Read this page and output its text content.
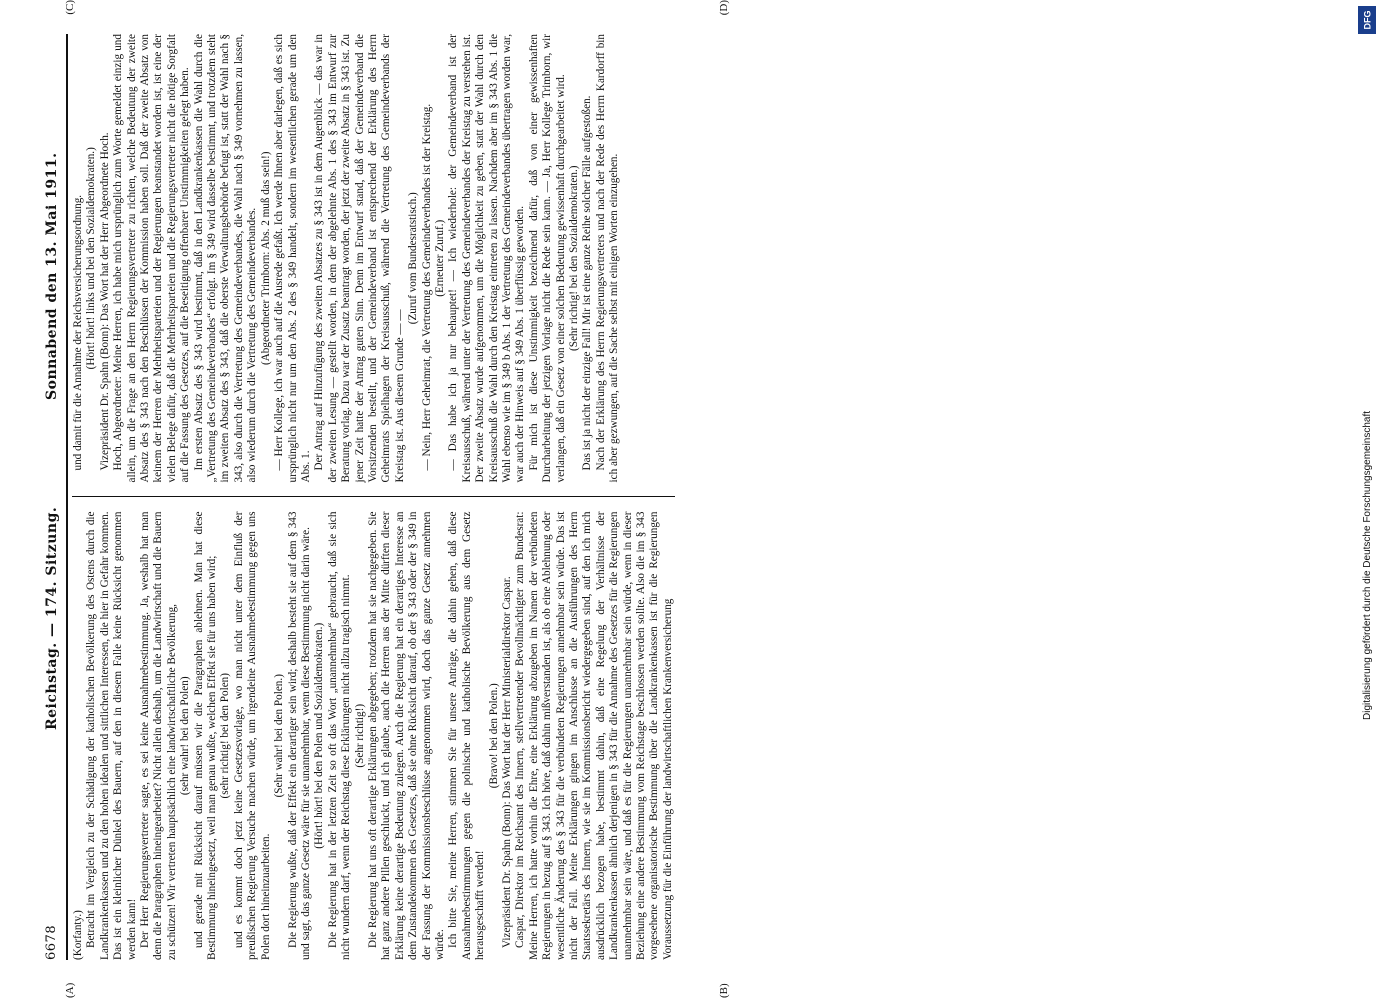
6678
Reichstag. — 174. Sitzung.
Sonnabend den 13. Mai 1911.

(Korfanty.) Betracht im Vergleich zu der Schädigung der katholischen Bevölkerung des Ostens durch die Landkrankenkassen und zu den hohen idealen und sittlichen Interessen, die hier in Gefahr kommen. Das ist ein kleinlicher Dünkel des Bauern, auf den in diesem Falle keine Rücksicht genommen werden kann! Der Herr Regierungsvertreter sagte, es sei keine Ausnahmebestimmung. Ja, weshalb hat man denn die Paragraphen hineingearbeitet? Nicht allein deshalb, um die Landwirtschaft und die Bauern zu schützen! Wir vertreten hauptsächlich eine landwirtschaftliche Bevölkerung, (sehr wahr! bei den Polen) und gerade mit Rücksicht darauf müssen wir die Paragraphen ablehnen. Man hat diese Bestimmung hineingesetzt, weil man genau wußte, welchen Effekt sie für uns haben wird; (sehr richtig! bei den Polen) und es kommt doch jetzt keine Gesetzesvorlage, wo man nicht unter dem Einfluß der preußischen Regierung Versuche machen würde, um irgendeine Ausnahmebestimmung gegen uns Polen dort hineinzuarbeiten.

(Sehr wahr! bei den Polen.) Die Regierung wußte, daß der Effekt ein derartiger sein wird; deshalb besteht sie auf dem § 343 und sagt, das ganze Gesetz wäre für sie unannehmbar, wenn diese Bestimmung nicht darin wäre. (Hört! hört! bei den Polen und Sozialdemokraten.) Die Regierung hat in der letzten Zeit so oft das Wort „unannehmbar“ gebraucht, daß sie sich nicht wundern darf, wenn der Reichstag diese Erklärungen nicht allzu tragisch nimmt. (Sehr richtig!) Die Regierung hat uns oft derartige Erklärungen abgegeben; trotzdem hat sie nachgegeben. Sie hat ganz andere Pillen geschluckt, und ich glaube, auch die Herren aus der Mitte dürften dieser Erklärung keine derartige Bedeutung zulegen. Auch die Regierung hat ein derartiges Interesse an dem Zustandekommen des Gesetzes, daß sie ohne Rücksicht darauf, ob der § 343 oder der § 349 in der Fassung der Kommissionsbeschlüsse angenommen wird, doch das ganze Gesetz annehmen würde. Ich bitte Sie, meine Herren, stimmen Sie für unsere Anträge, die dahin gehen, daß diese Ausnahmebestimmungen gegen die polnische und katholische Bevölkerung aus dem Gesetz herausgeschafft werden!

(Bravo! bei den Polen.) Vizepräsident Dr. Spahn (Bonn): Das Wort hat der Herr Ministerialdirektor Caspar. Caspar, Direktor im Reichsamt des Innern, stellvertretender Bevollmächtigter zum Bundesrat: Meine Herren, ich hatte vorhin die Ehre, eine Erklärung abzugeben im Namen der verbündeten Regierungen in bezug auf § 343. Ich höre, daß dahin mißverstanden ist, als ob eine Ablehnung oder wesentliche Änderung des § 343 für die verbündeten Regierungen annehmbar sein würde. Das ist nicht der Fall. Meine Erklärungen gingen im Anschlusse an die Ausführungen des Herrn Staatssekretärs des Innern, wie sie im Kommissionsbericht wiedergegeben sind, auf den ich mich ausdrücklich bezogen habe, bestimmt dahin, daß eine Regelung der Verhältnisse der Landkrankenkassen ähnlich derjenigen in § 343 für die Annahme des Gesetzes für die Regierungen unannehmbar sein wäre, und daß es für die Regierungen unannehmbar sein würde, wenn in dieser Beziehung eine andere Bestimmung vom Reichstage beschlossen werden sollte. Also die im § 343 vorgesehene organisatorische Bestimmung über die Landkrankenkassen ist für die Regierungen Voraussetzung für die Einführung der landwirtschaftlichen Krankenversicherung

und damit für die Annahme der Reichsversicherungsordnung. (Hört! hört! links und bei den Sozialdemokraten.) Vizepräsident Dr. Spahn (Bonn): Das Wort hat der Herr Abgeordnete Hoch. Hoch, Abgeordneter: Meine Herren, ich habe mich ursprünglich zum Worte gemeldet einzig und allein, um die Frage an den Herrn Regierungsvertreter zu richten, welche Bedeutung der zweite Absatz des § 343 nach den Beschlüssen der Kommission haben soll. Daß der zweite Absatz von keinem der Herren der Mehrheitsparteien und der Regierungen beanstandet worden ist, ist eine der vielen Belege dafür, daß die Mehrheitsparteien und die Regierungsvertreter nicht die nötige Sorgfalt auf die Fassung des Gesetzes, auf die Beseitigung offenbarer Unstimmigkeiten gelegt haben. Im ersten Absatz des § 343 wird bestimmt, daß in den Landkrankenkassen die Wahl durch die „Vertretung des Gemeindeverbandes“ erfolgt. Im § 349 wird dasselbe bestimmt, und trotzdem steht im zweiten Absatz des § 343, daß die oberste Verwaltungsbehörde befugt ist, statt der Wahl nach § 343, also durch die Vertretung des Gemeindeverbandes, die Wahl nach § 349 vornehmen zu lassen, also wiederum durch die Vertretung des Gemeindeverbandes. (Abgeordneter Trimborn: Abs. 2 muß das sein!) — Herr Kollege, ich war auch auf die Ausrede gefaßt. Ich werde Ihnen aber darlegen, daß es sich ursprünglich nicht nur um den Abs. 2 des § 349 handelt, sondern im wesentlichen gerade um den Abs. 1. Der Antrag auf Hinzufügung des zweiten Absatzes zu § 343 ist in dem Augenblick — das war in der zweiten Lesung — gestellt worden, in dem der abgelehnte Abs. 1 des § 343 im Entwurf zur Beratung vorlag. Dazu war der Zusatz beantragt worden, der jetzt der zweite Absatz in § 343 ist. Zu jener Zeit hatte der Antrag guten Sinn. Denn im Entwurf stand, daß der Gemeindeverband die Vorsitzenden bestellt, und der Gemeindeverband ist entsprechend der Erklärung des Herrn Geheimrats Spielhagen der Kreisausschuß, während die Vertretung des Gemeindeverbands der Kreistag ist. Aus diesem Grunde — —

(Zuruf vom Bundesratstisch.) — Nein, Herr Geheimrat, die Vertretung des Gemeindeverbandes ist der Kreistag. (Erneuter Zuruf.) — Das habe ich ja nur behauptet! — Ich wiederhole: der Gemeindeverband ist der Kreisausschuß, während unter der Vertretung des Gemeindeverbandes der Kreistag zu verstehen ist. Der zweite Absatz wurde aufgenommen, um die Möglichkeit zu geben, statt der Wahl durch den Kreisausschuß die Wahl durch den Kreistag eintreten zu lassen. Nachdem aber im § 343 Abs. 1 die Wahl ebenso wie im § 349 b Abs. 1 der Vertretung des Gemeindeverbandes übertragen worden war, war auch der Hinweis auf § 349 Abs. 1 überflüssig geworden. Für mich ist diese Unstimmigkeit bezeichnend dafür, daß von einer gewissenhaften Durcharbeitung der jetzigen Vorlage nicht die Rede sein kann. — Ja, Herr Kollege Trimborn, wir verlangen, daß ein Gesetz von einer solchen Bedeutung gewissenhaft durchgearbeitet wird. (Sehr richtig! bei den Sozialdemokraten.) Das ist ja nicht der einzige Fall! Mir ist eine ganze Reihe solcher Fälle aufgestoßen. Nach der Erklärung des Herrn Regierungsvertreters und nach der Rede des Herrn Kardorff bin ich aber gezwungen, auf die Sache selbst mit einigen Worten einzugehen.

(A)	(B)
(C)	(D)
DFG
Digitalisierung gefördert durch die Deutsche Forschungsgemeinschaft
